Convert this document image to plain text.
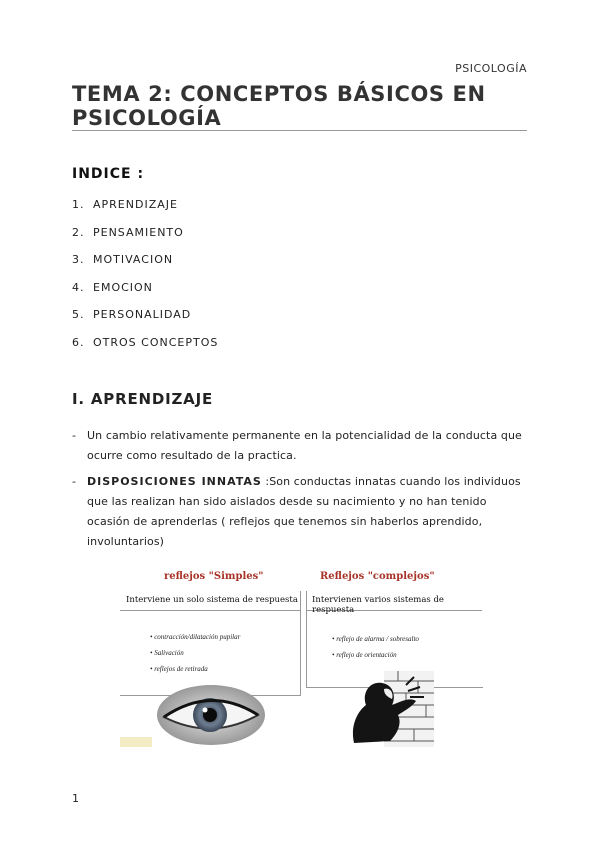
PSICOLOGÍA
TEMA 2: CONCEPTOS BÁSICOS EN PSICOLOGÍA
INDICE :
1. APRENDIZAJE
2. PENSAMIENTO
3. MOTIVACION
4. EMOCION
5. PERSONALIDAD
6. OTROS CONCEPTOS
I. APRENDIZAJE
- Un cambio relativamente permanente en la potencialidad de la conducta que ocurre como resultado de la practica.
- DISPOSICIONES INNATAS :Son conductas innatas cuando los individuos que las realizan han sido aislados desde su nacimiento y no han tenido ocasión de aprenderlas ( reflejos que tenemos sin haberlos aprendido, involuntarios)
reflejos "Simples"
Interviene un solo sistema de respuesta
• contracción/dilatación pupilar
• Salivación
• reflejos de retirada
Reflejos "complejos"
Intervienen varios sistemas de respuesta
• reflejo de alarma / sobresalto
• reflejo de orientación
1
